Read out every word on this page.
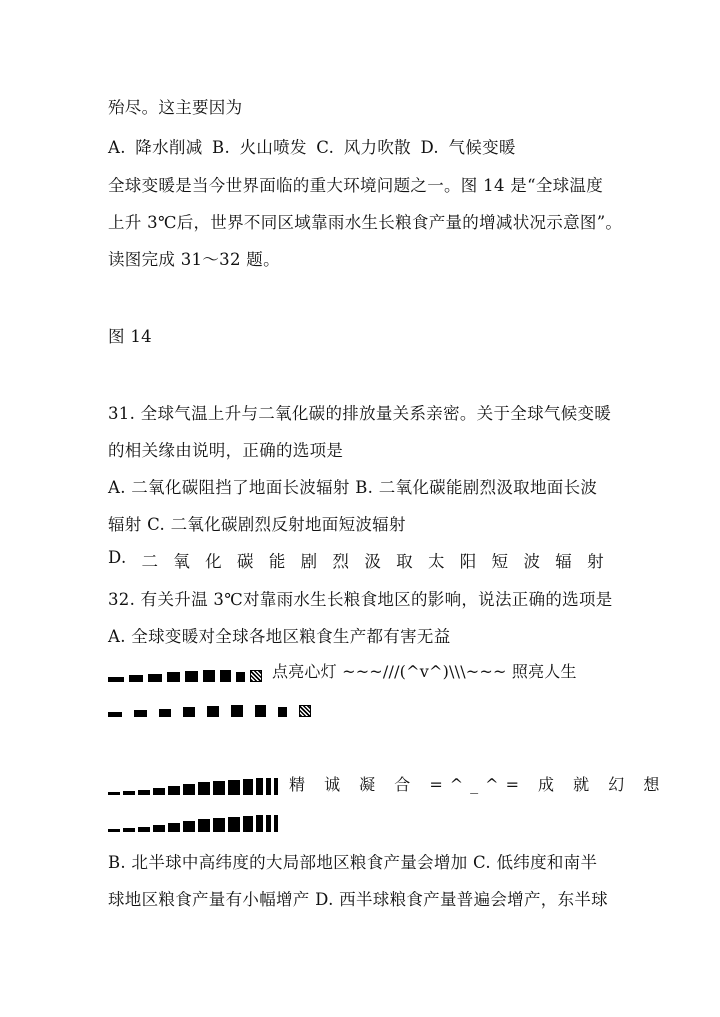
殆尽。这主要因为
A. 降水削减 B. 火山喷发 C. 风力吹散 D. 气候变暖
全球变暖是当今世界面临的重大环境问题之一。图 14 是“全球温度
上升 3℃后，世界不同区域靠雨水生长粮食产量的增减状况示意图”。
读图完成 31～32 题。
图 14
31. 全球气温上升与二氧化碳的排放量关系亲密。关于全球气候变暖
的相关缘由说明，正确的选项是
A. 二氧化碳阻挡了地面长波辐射 B. 二氧化碳能剧烈汲取地面长波
辐射 C. 二氧化碳剧烈反射地面短波辐射
D. 二 氧 化 碳 能 剧 烈 汲 取 太 阳 短 波 辐 射
32. 有关升温 3℃对靠雨水生长粮食地区的影响，说法正确的选项是
A. 全球变暖对全球各地区粮食生产都有害无益
点亮心灯 ~~~///(^v^)\\\~~~ 照亮人生
精 诚 凝 合 =^_^= 成 就 幻 想
B. 北半球中高纬度的大局部地区粮食产量会增加 C. 低纬度和南半
球地区粮食产量有小幅增产 D. 西半球粮食产量普遍会增产，东半球
